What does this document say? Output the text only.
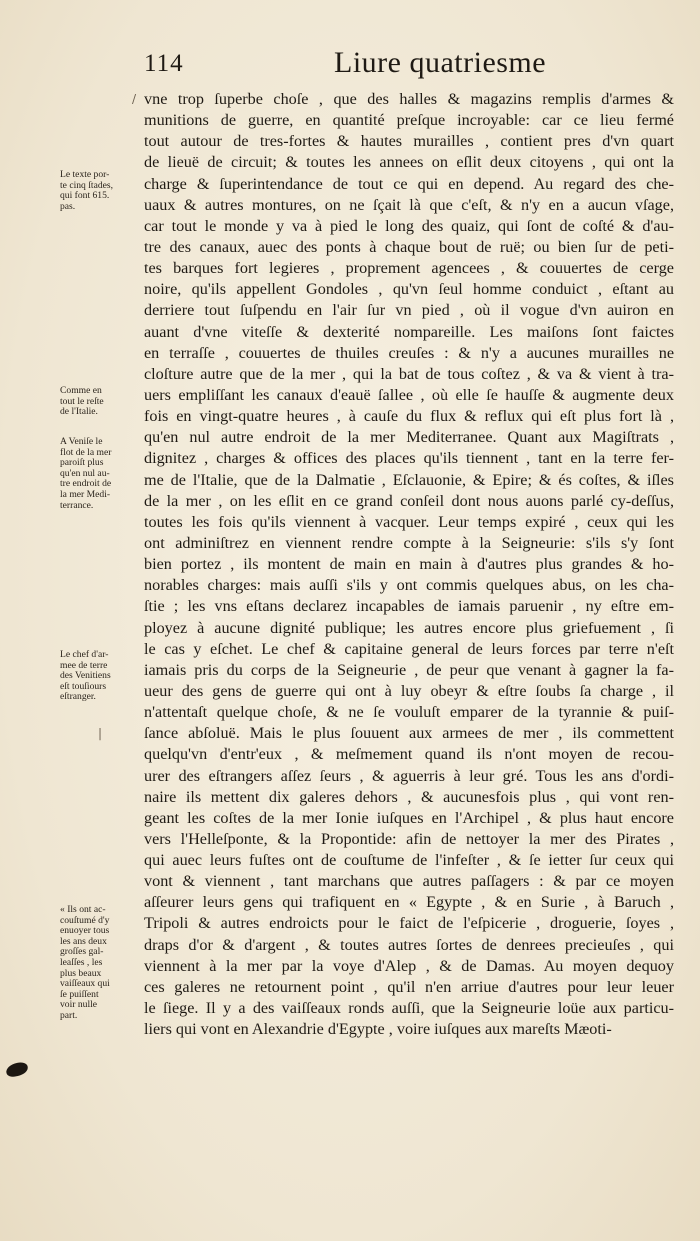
114	Liure quatriesme
vne trop ſuperbe choſe , que des halles & magazins remplis d'armes &
munitions de guerre, en quantité preſque incroyable: car ce lieu fermé
tout autour de tres-fortes & hautes murailles , contient pres d'vn quart
de lieuë de circuit; & toutes les annees on eſlit deux citoyens , qui ont la
charge & ſuperintendance de tout ce qui en depend. Au regard des che-
uaux & autres montures, on ne ſçait là que c'eſt, & n'y en a aucun vſage,
car tout le monde y va à pied le long des quaiz, qui ſont de coſté & d'au-
tre des canaux, auec des ponts à chaque bout de ruë; ou bien ſur de peti-
tes barques fort legieres , proprement agencees , & couuertes de cerge
noire, qu'ils appellent Gondoles , qu'vn ſeul homme conduict , eſtant au
derriere tout ſuſpendu en l'air ſur vn pied , où il vogue d'vn auiron en
auant d'vne viteſſe & dexterité nompareille. Les maiſons ſont faictes
en terraſſe , couuertes de thuiles creuſes : & n'y a aucunes murailles ne
cloſture autre que de la mer , qui la bat de tous coſtez , & va & vient à tra-
uers empliſſant les canaux d'eauë ſallee , où elle ſe hauſſe & augmente deux
fois en vingt-quatre heures , à cauſe du flux & reflux qui eſt plus fort là ,
qu'en nul autre endroit de la mer Mediterranee. Quant aux Magiſtrats ,
dignitez , charges & offices des places qu'ils tiennent , tant en la terre fer-
me de l'Italie, que de la Dalmatie , Eſclauonie, & Epire; & és coſtes, & iſles
de la mer , on les eſlit en ce grand conſeil dont nous auons parlé cy-deſſus,
toutes les fois qu'ils viennent à vacquer. Leur temps expiré , ceux qui les
ont adminiſtrez en viennent rendre compte à la Seigneurie: s'ils s'y ſont
bien portez , ils montent de main en main à d'autres plus grandes & ho-
norables charges: mais auſſi s'ils y ont commis quelques abus, on les cha-
ſtie ; les vns eſtans declarez incapables de iamais paruenir , ny eſtre em-
ployez à aucune dignité publique; les autres encore plus griefuement , ſi
le cas y eſchet. Le chef & capitaine general de leurs forces par terre n'eſt
iamais pris du corps de la Seigneurie , de peur que venant à gagner la fa-
ueur des gens de guerre qui ont à luy obeyr & eſtre ſoubs ſa charge , il
n'attentaſt quelque choſe, & ne ſe vouluſt emparer de la tyrannie & puiſ-
ſance abſoluë. Mais le plus ſouuent aux armees de mer , ils commettent
quelqu'vn d'entr'eux , & meſmement quand ils n'ont moyen de recou-
urer des eſtrangers aſſez ſeurs , & aguerris à leur gré. Tous les ans d'ordi-
naire ils mettent dix galeres dehors , & aucunesfois plus , qui vont ren-
geant les coſtes de la mer Ionie iuſques en l'Archipel , & plus haut encore
vers l'Helleſponte, & la Propontide: afin de nettoyer la mer des Pirates ,
qui auec leurs fuſtes ont de couſtume de l'infeſter , & ſe ietter ſur ceux qui
vont & viennent , tant marchans que autres paſſagers : & par ce moyen
aſſeurer leurs gens qui trafiquent en « Egypte , & en Surie , à Baruch ,
Tripoli & autres endroicts pour le faict de l'eſpicerie , droguerie, ſoyes ,
draps d'or & d'argent , & toutes autres ſortes de denrees precieuſes , qui
viennent à la mer par la voye d'Alep , & de Damas. Au moyen dequoy
ces galeres ne retournent point , qu'il n'en arriue d'autres pour leur leuer
le ſiege. Il y a des vaiſſeaux ronds auſſi, que la Seigneurie loüe aux particu-
liers qui vont en Alexandrie d'Egypte , voire iuſques aux mareſts Mæoti-
Le texte por-
te cinq ſtades,
qui font 615.
pas.
Comme en
tout le reſte
de l'Italie.
A Veniſe le
flot de la mer
paroiſt plus
qu'en nul au-
tre endroit de
la mer Medi-
terrance.
Le chef d'ar-
mee de terre
des Venitiens
eſt touſiours
eſtranger.
« Ils ont ac-
couſtumé d'y
enuoyer tous
les ans deux
groſſes gal-
leaſſes , les
plus beaux
vaiſſeaux qui
ſe puiſſent
voir nulle
part.
/
|
